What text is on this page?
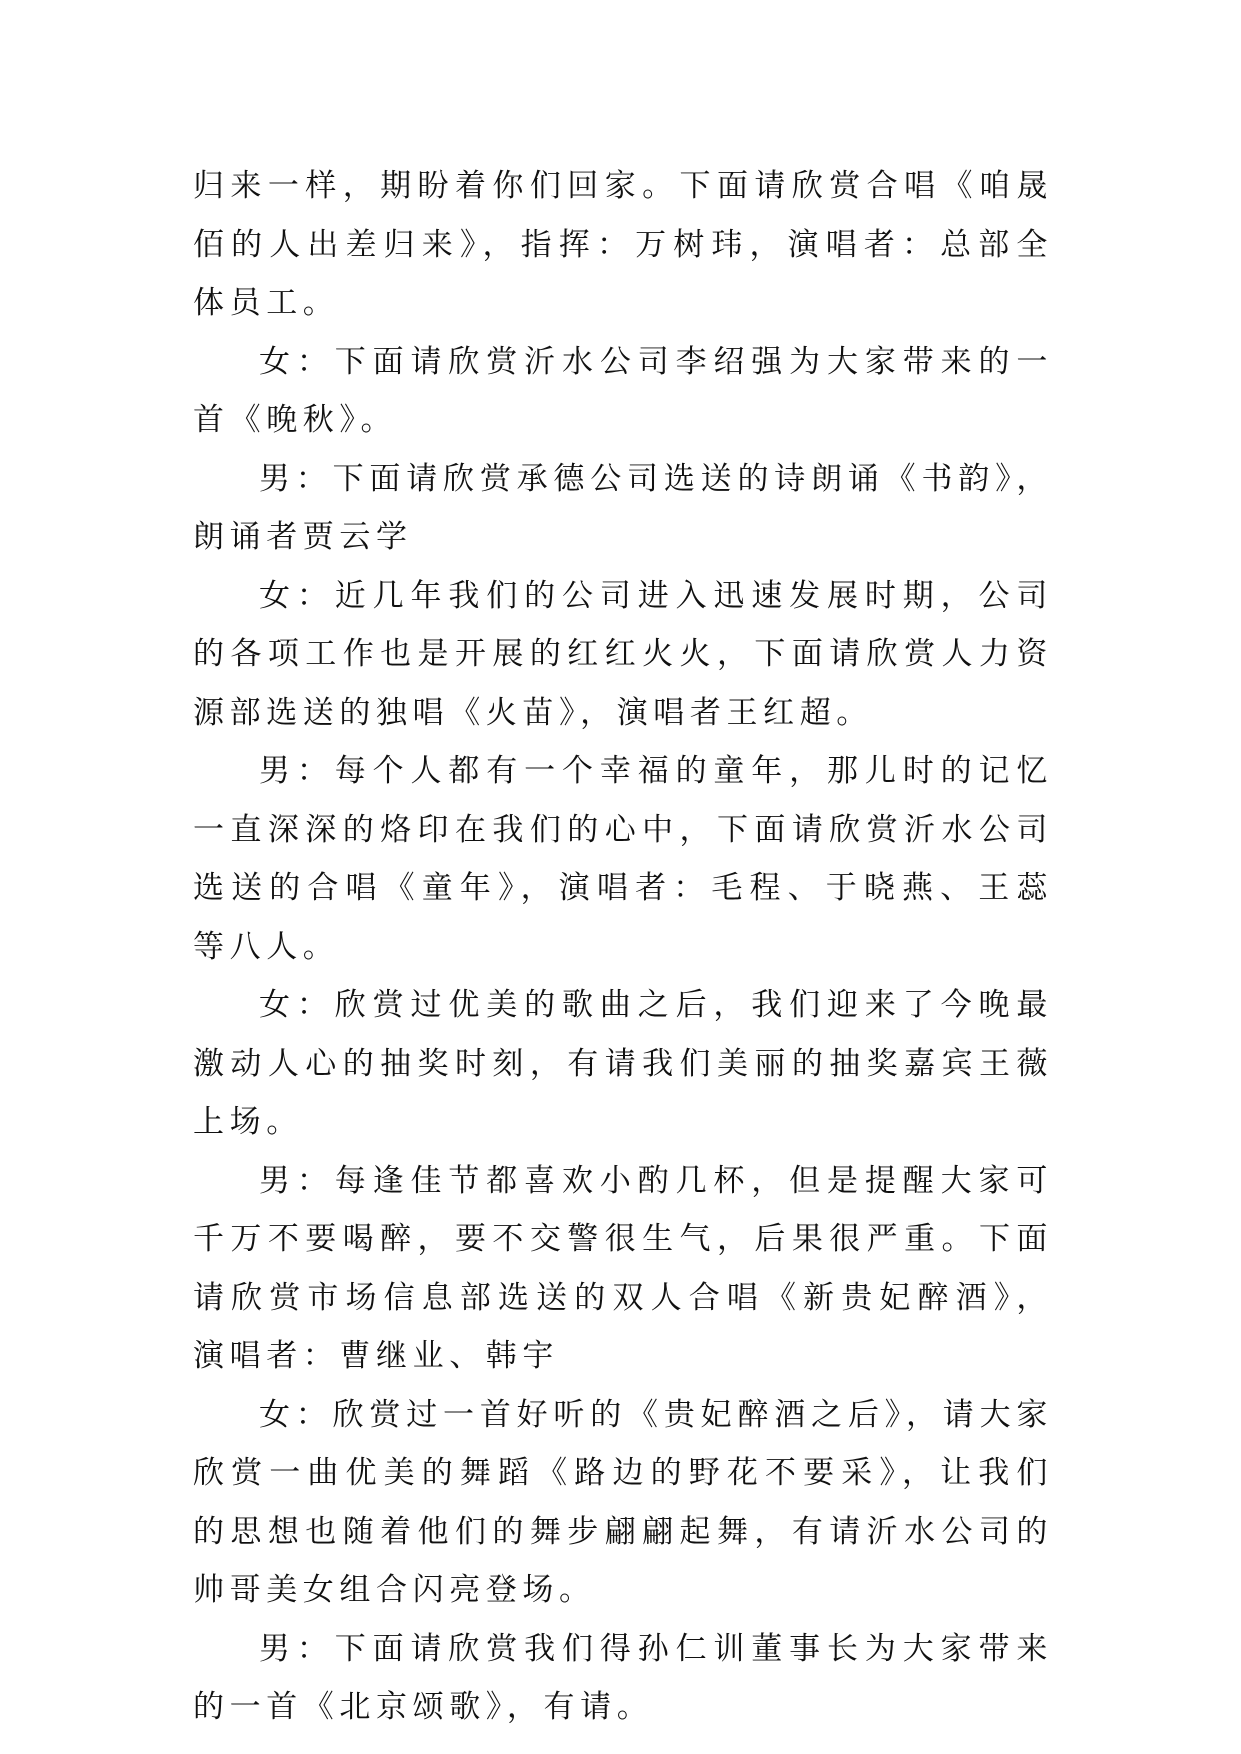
归来一样，期盼着你们回家。下面请欣赏合唱《咱晟佰的人出差归来》，指挥：万树玮，演唱者：总部全体员工。

女：下面请欣赏沂水公司李绍强为大家带来的一首《晚秋》。

男：下面请欣赏承德公司选送的诗朗诵《书韵》，朗诵者贾云学

女：近几年我们的公司进入迅速发展时期，公司的各项工作也是开展的红红火火，下面请欣赏人力资源部选送的独唱《火苗》，演唱者王红超。

男：每个人都有一个幸福的童年，那儿时的记忆一直深深的烙印在我们的心中，下面请欣赏沂水公司选送的合唱《童年》，演唱者：毛程、于晓燕、王蕊等八人。

女：欣赏过优美的歌曲之后，我们迎来了今晚最激动人心的抽奖时刻，有请我们美丽的抽奖嘉宾王薇上场。

男：每逢佳节都喜欢小酌几杯，但是提醒大家可千万不要喝醉，要不交警很生气，后果很严重。下面请欣赏市场信息部选送的双人合唱《新贵妃醉酒》，演唱者：曹继业、韩宇

女：欣赏过一首好听的《贵妃醉酒之后》，请大家欣赏一曲优美的舞蹈《路边的野花不要采》，让我们的思想也随着他们的舞步翩翩起舞，有请沂水公司的帅哥美女组合闪亮登场。

男：下面请欣赏我们得孙仁训董事长为大家带来的一首《北京颂歌》，有请。
